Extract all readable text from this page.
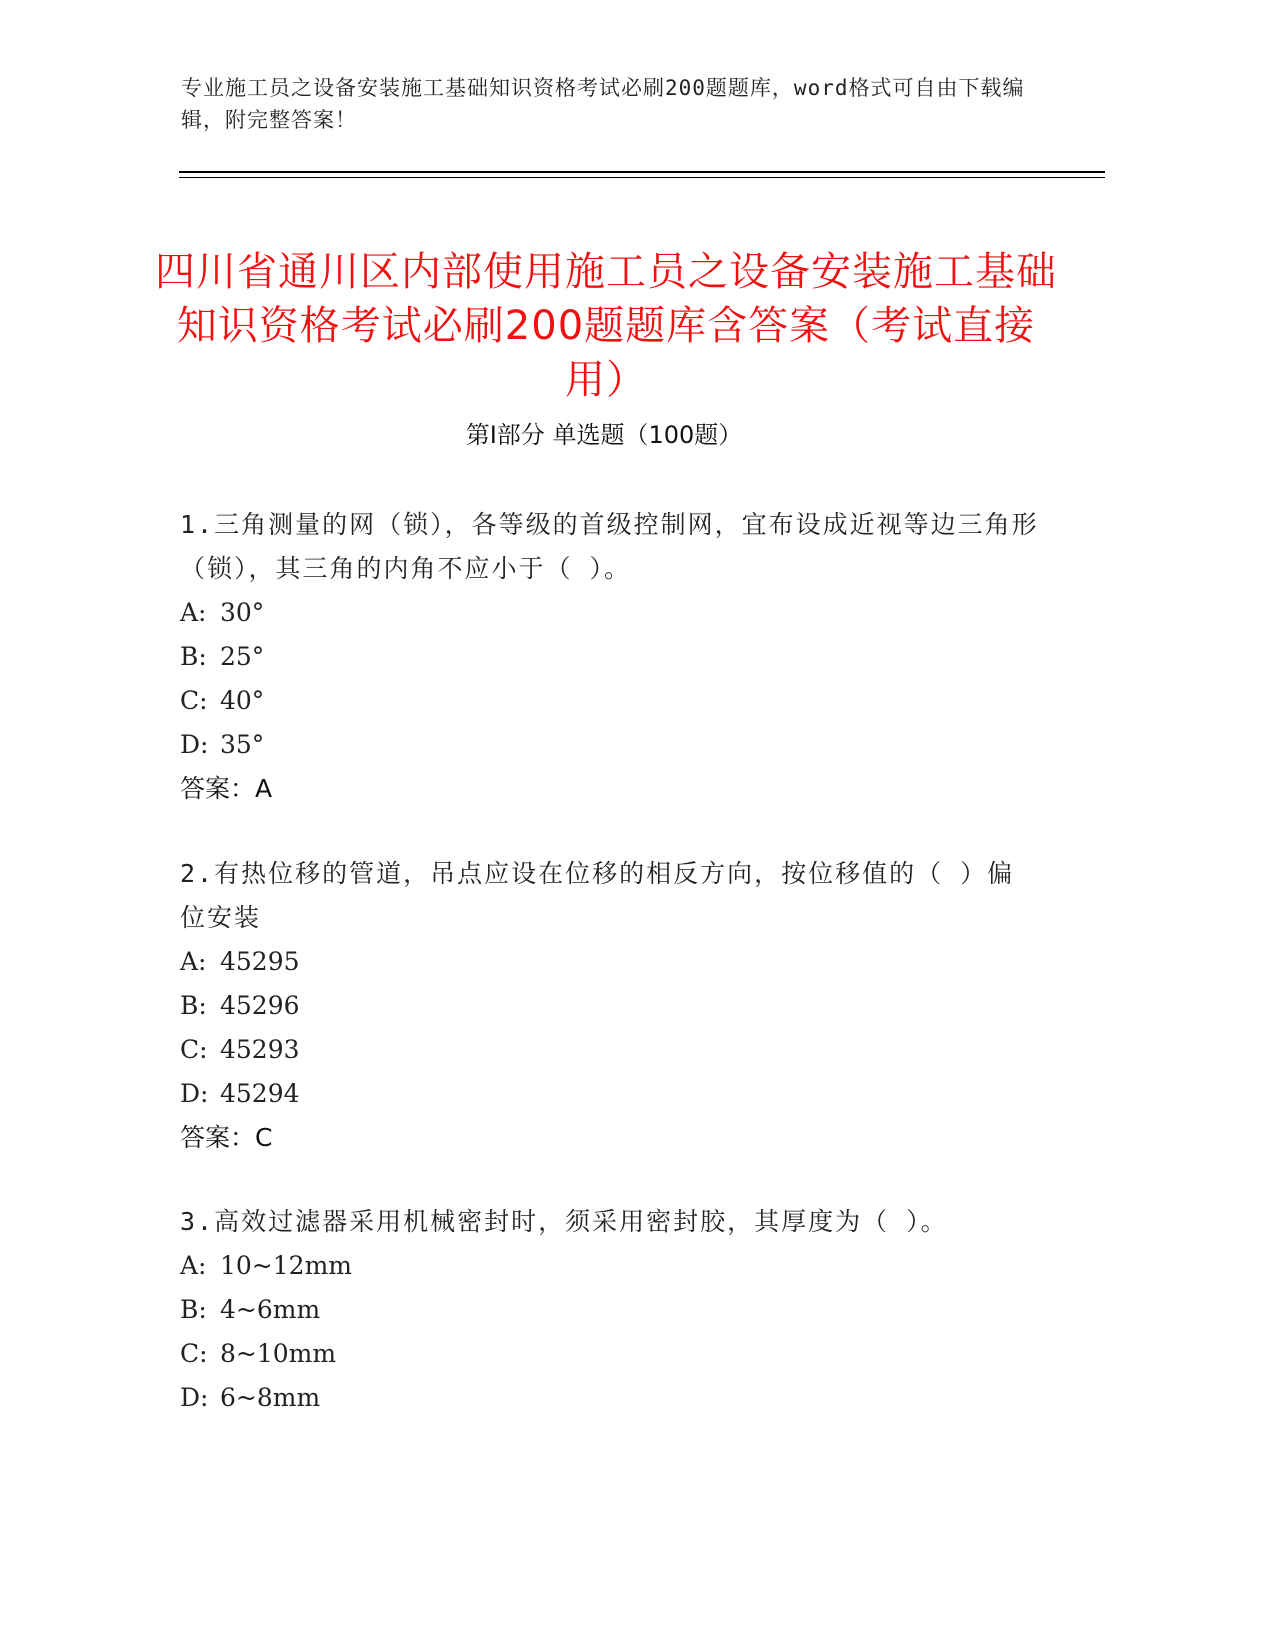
专业施工员之设备安装施工基础知识资格考试必刷200题题库，word格式可自由下载编辑，附完整答案！
四川省通川区内部使用施工员之设备安装施工基础知识资格考试必刷200题题库含答案（考试直接用）
第I部分 单选题（100题）

1.三角测量的网（锁），各等级的首级控制网，宜布设成近视等边三角形（锁），其三角的内角不应小于（ ）。

A: 30°

B: 25°

C: 40°

D: 35°

答案：A

2.有热位移的管道，吊点应设在位移的相反方向，按位移值的（ ）偏位安装

A: 45295

B: 45296

C: 45293

D: 45294

答案：C

3.高效过滤器采用机械密封时，须采用密封胶，其厚度为（ ）。

A: 10~12mm

B: 4~6mm

C: 8~10mm

D: 6~8mm
